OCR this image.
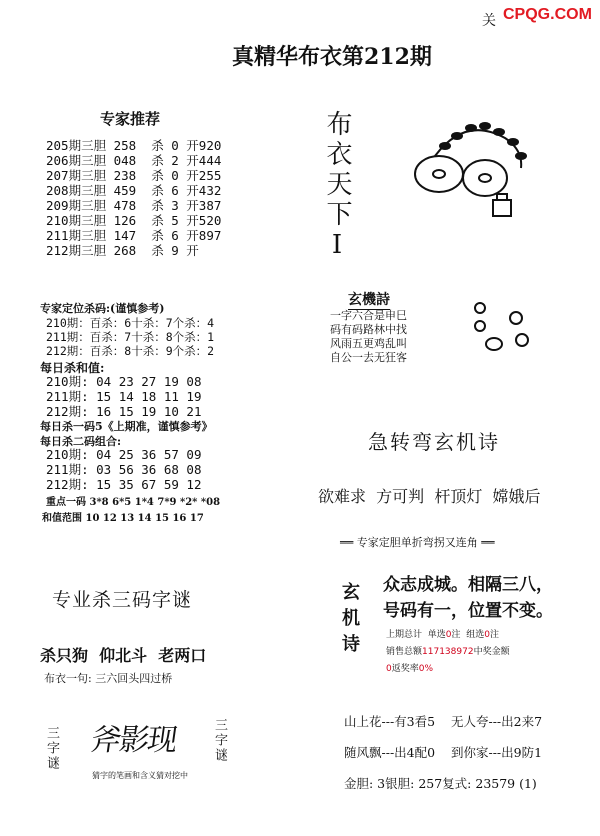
CPQG.COM
关
真精华布衣第212期
专家推荐
205期三胆 258  杀 0 开920
206期三胆 048  杀 2 开444
207期三胆 238  杀 0 开255
208期三胆 459  杀 6 开432
209期三胆 478  杀 3 开387
210期三胆 126  杀 5 开520
211期三胆 147  杀 6 开897
212期三胆 268  杀 9 开
专家定位杀码:(谨慎参考)
210期：百杀：6十杀：7个杀：4
211期：百杀：7十杀：8个杀：1
212期：百杀：8十杀：9个杀：2
每日杀和值:
210期: 04 23 27 19 08
211期: 15 14 18 11 19
212期: 16 15 19 10 21
每日杀一码5《上期准，谨慎参考》
每日杀二码组合:
210期: 04 25 36 57 09
211期: 03 56 36 68 08
212期: 15 35 67 59 12
重点一码 3*8 6*5 1*4 7*9 *2* *08
和值范围 10 12 13 14 15 16 17
专业杀三码字谜
杀只狗  仰北斗  老两口
布衣一句: 三六回头四过桥
三字谜 斧影现
猜字的笔画和含义猜对挖中
三字谜
布衣天下I
玄機詩
一字六合是申巳
码有码路林中找
风雨五更鸡乱叫
自公一去无狂客
急转弯玄机诗
欲难求  方可判  杆顶灯  嫦娥后
══ 专家定胆单折弯拐又连角 ══
玄机诗 众志成城。相隔三八，
号码有一，位置不变。
上期总计  单选0注  组选0注
销售总额117138972中奖金额
0返奖率0%
山上花---有3看5    无人夸---出2来7
随风飘---出4配0    到你家---出9防1
金胆: 3银胆: 257复式: 23579 (1)
